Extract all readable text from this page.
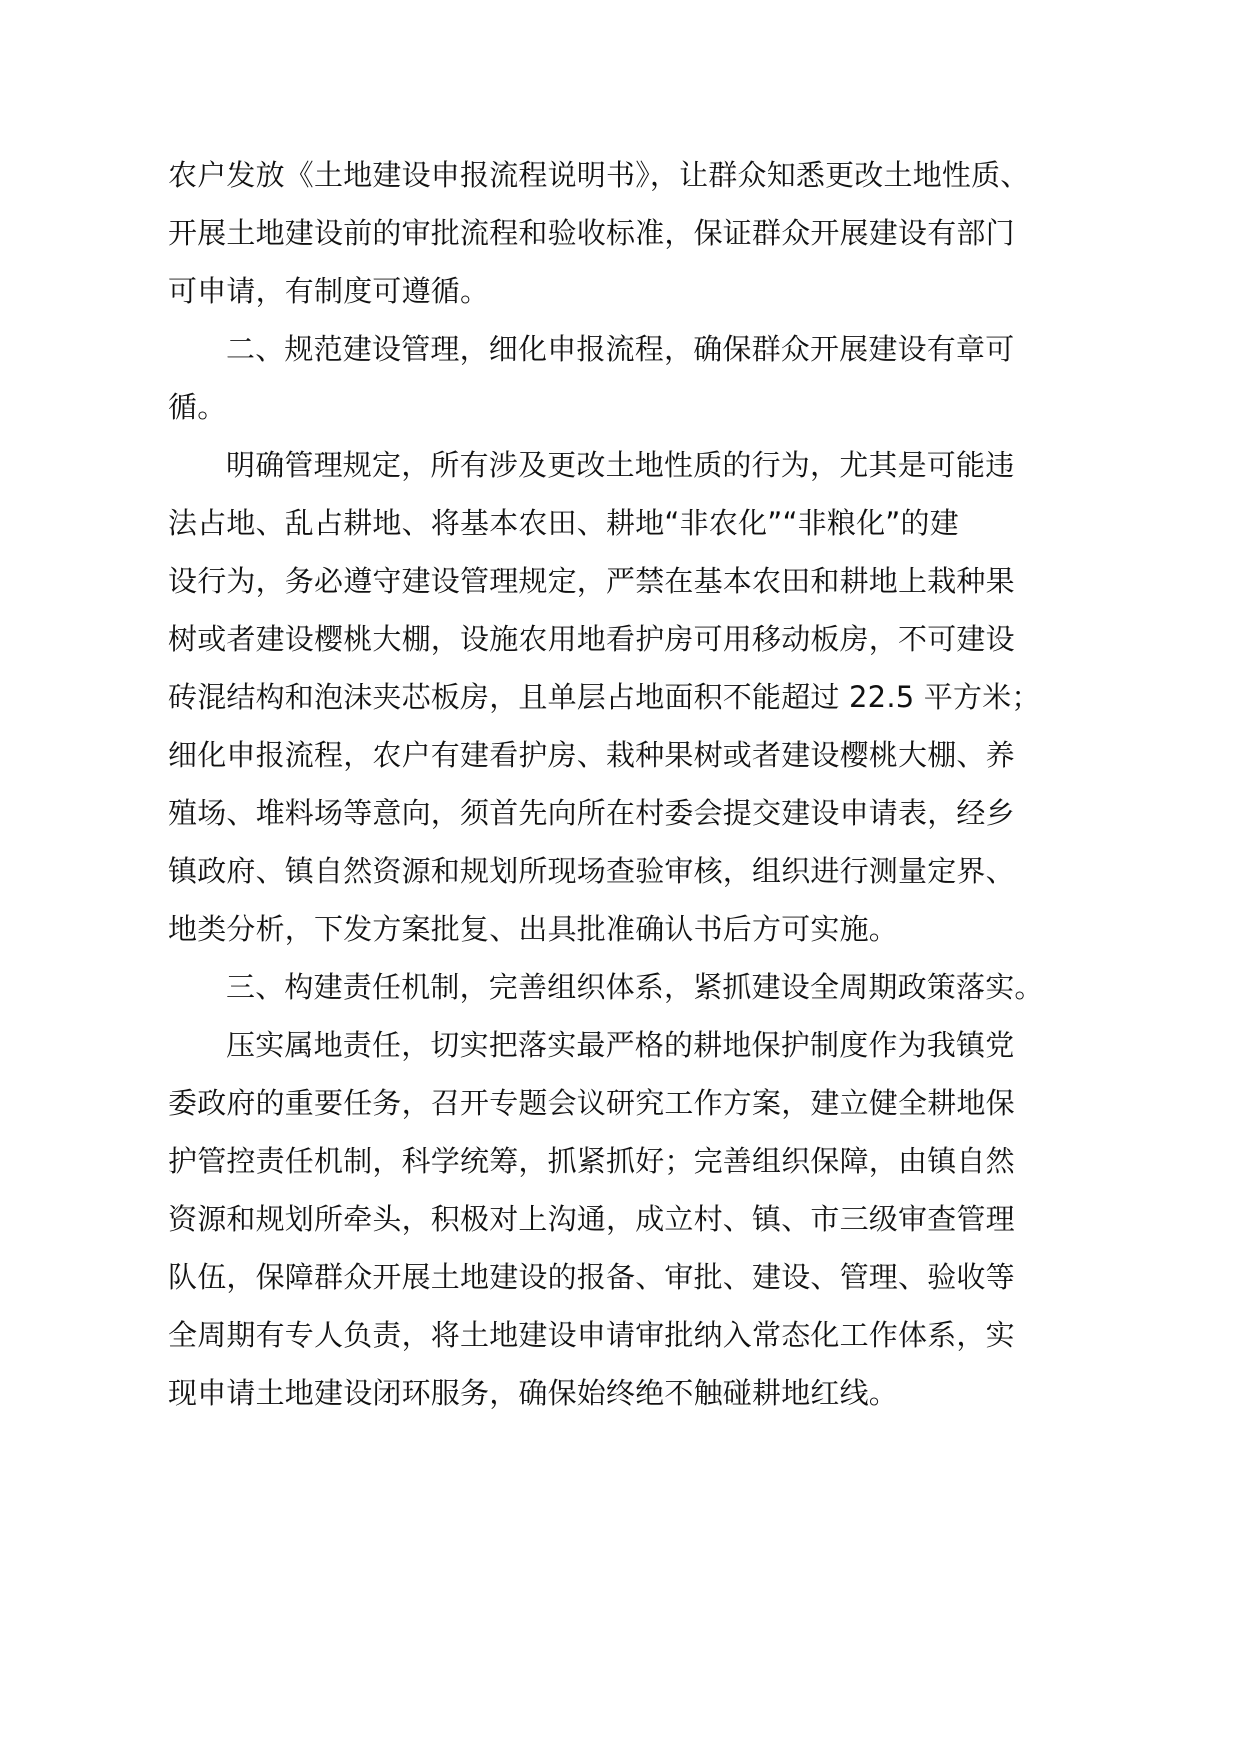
农户发放《土地建设申报流程说明书》，让群众知悉更改土地性质、

开展土地建设前的审批流程和验收标准，保证群众开展建设有部门

可申请，有制度可遵循。

二、规范建设管理，细化申报流程，确保群众开展建设有章可

循。

明确管理规定，所有涉及更改土地性质的行为，尤其是可能违

法占地、乱占耕地、将基本农田、耕地“非农化”“非粮化”的建

设行为，务必遵守建设管理规定，严禁在基本农田和耕地上栽种果

树或者建设樱桃大棚，设施农用地看护房可用移动板房，不可建设

砖混结构和泡沫夹芯板房，且单层占地面积不能超过 22.5 平方米；

细化申报流程，农户有建看护房、栽种果树或者建设樱桃大棚、养

殖场、堆料场等意向，须首先向所在村委会提交建设申请表，经乡

镇政府、镇自然资源和规划所现场查验审核，组织进行测量定界、

地类分析，下发方案批复、出具批准确认书后方可实施。

三、构建责任机制，完善组织体系，紧抓建设全周期政策落实。

压实属地责任，切实把落实最严格的耕地保护制度作为我镇党

委政府的重要任务，召开专题会议研究工作方案，建立健全耕地保

护管控责任机制，科学统筹，抓紧抓好；完善组织保障，由镇自然

资源和规划所牵头，积极对上沟通，成立村、镇、市三级审查管理

队伍，保障群众开展土地建设的报备、审批、建设、管理、验收等

全周期有专人负责，将土地建设申请审批纳入常态化工作体系，实

现申请土地建设闭环服务，确保始终绝不触碰耕地红线。
